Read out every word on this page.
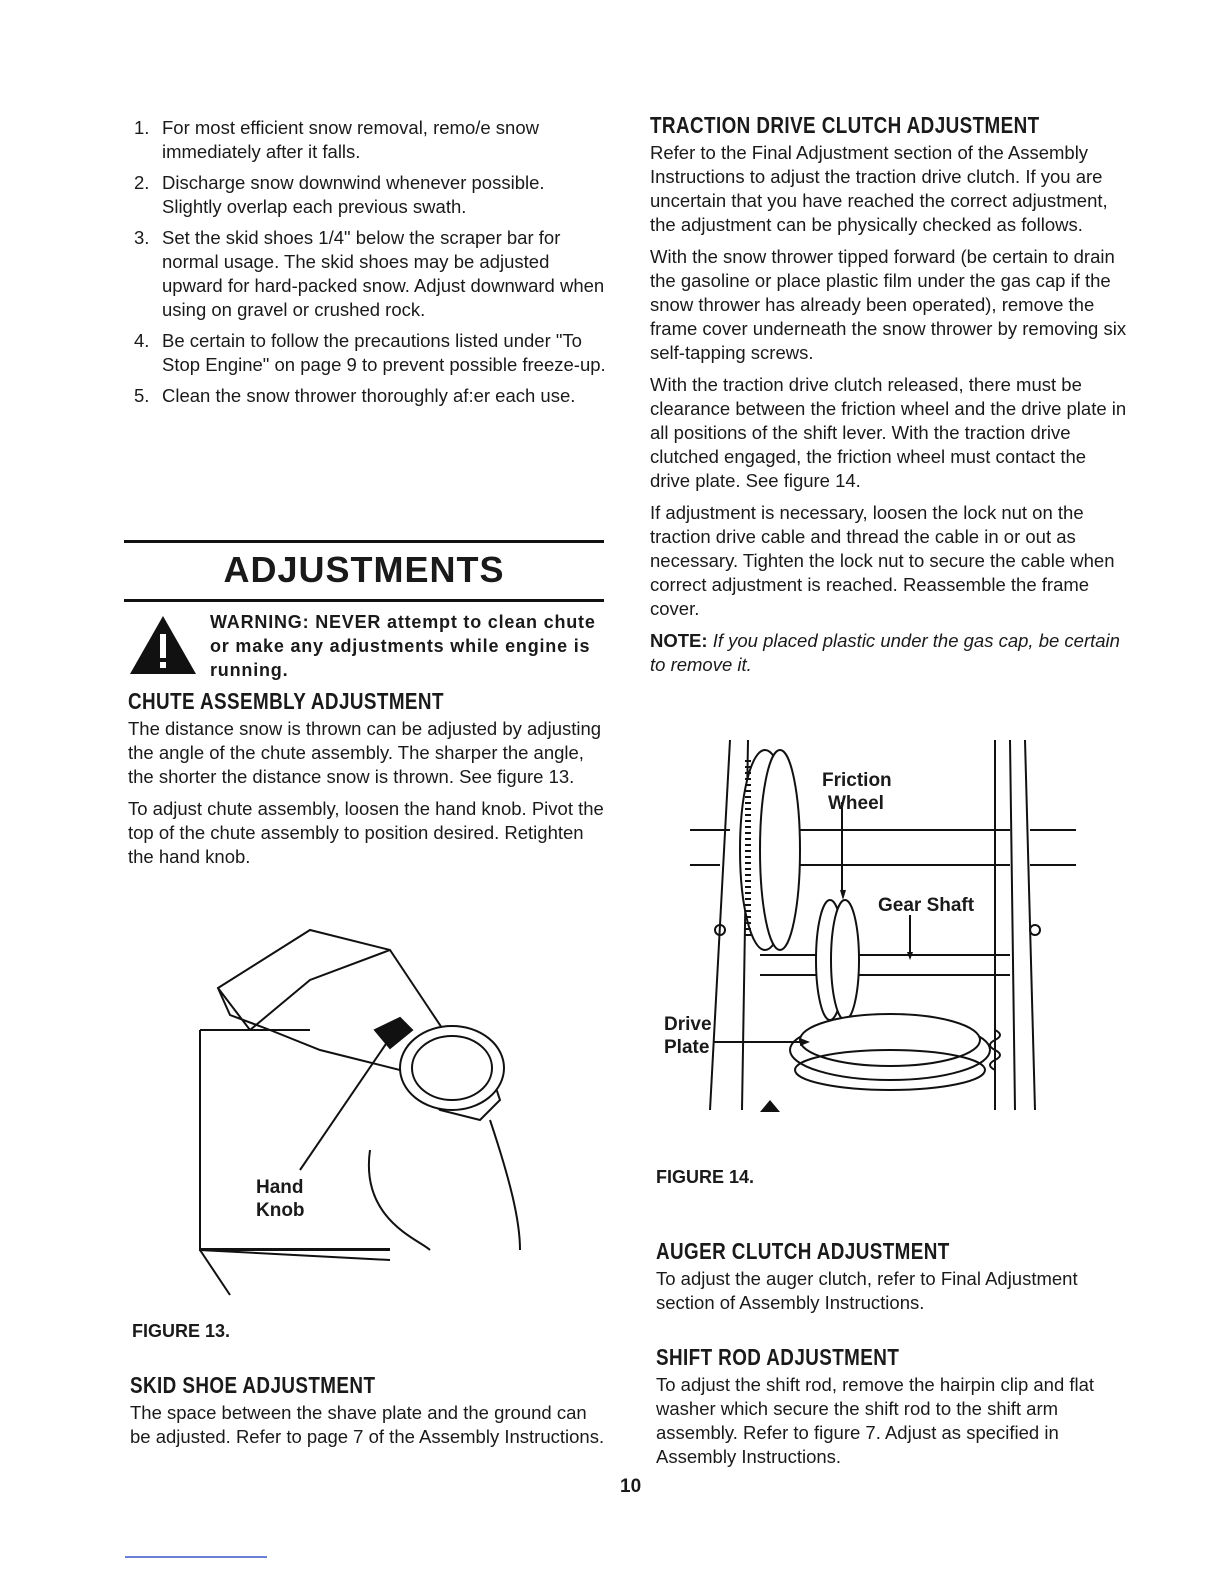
1. For most efficient snow removal, remo/e snow immediately after it falls.
2. Discharge snow downwind whenever possible. Slightly overlap each previous swath.
3. Set the skid shoes 1/4" below the scraper bar for normal usage. The skid shoes may be adjusted upward for hard-packed snow. Adjust downward when using on gravel or crushed rock.
4. Be certain to follow the precautions listed under "To Stop Engine" on page 9 to prevent possible freeze-up.
5. Clean the snow thrower thoroughly af:er each use.
ADJUSTMENTS
WARNING: NEVER attempt to clean chute or make any adjustments while engine is running.
CHUTE ASSEMBLY ADJUSTMENT

The distance snow is thrown can be adjusted by adjusting the angle of the chute assembly. The sharper the angle, the shorter the distance snow is thrown. See figure 13.

To adjust chute assembly, loosen the hand knob. Pivot the top of the chute assembly to position desired. Retighten the hand knob.

Hand
Knob
FIGURE 13.
SKID SHOE ADJUSTMENT

The space between the shave plate and the ground can be adjusted. Refer to page 7 of the Assembly Instructions.

TRACTION DRIVE CLUTCH ADJUSTMENT

Refer to the Final Adjustment section of the Assembly Instructions to adjust the traction drive clutch. If you are uncertain that you have reached the correct adjustment, the adjustment can be physically checked as follows.

With the snow thrower tipped forward (be certain to drain the gasoline or place plastic film under the gas cap if the snow thrower has already been operated), remove the frame cover underneath the snow thrower by removing six self-tapping screws.

With the traction drive clutch released, there must be clearance between the friction wheel and the drive plate in all positions of the shift lever. With the traction drive clutched engaged, the friction wheel must contact the drive plate. See figure 14.

If adjustment is necessary, loosen the lock nut on the traction drive cable and thread the cable in or out as necessary. Tighten the lock nut to secure the cable when correct adjustment is reached. Reassemble the frame cover.

NOTE: If you placed plastic under the gas cap, be certain to remove it.

Friction
Wheel
Gear Shaft
Drive
Plate
FIGURE 14.
AUGER CLUTCH ADJUSTMENT

To adjust the auger clutch, refer to Final Adjustment section of Assembly Instructions.

SHIFT ROD ADJUSTMENT

To adjust the shift rod, remove the hairpin clip and flat washer which secure the shift rod to the shift arm assembly. Refer to figure 7. Adjust as specified in Assembly Instructions.

10
